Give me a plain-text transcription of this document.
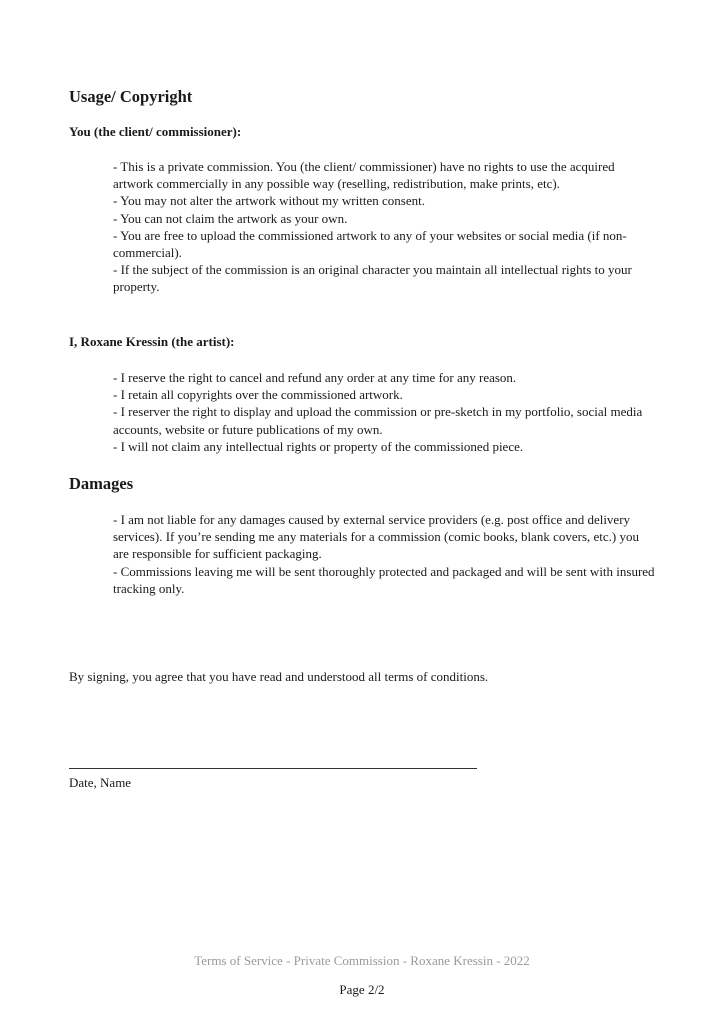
Usage/ Copyright
You (the client/ commissioner):

- This is a private commission. You (the client/ commissioner) have no rights to use the acquired artwork commercially in any possible way (reselling, redistribution, make prints, etc).

- You may not alter the artwork without my written consent.

- You can not claim the artwork as your own.

- You are free to upload the commissioned artwork to any of your websites or social media (if non-commercial).

- If the subject of the commission is an original character you maintain all intellectual rights to your property.

I, Roxane Kressin (the artist):

- I reserve the right to cancel and refund any order at any time for any reason.

- I retain all copyrights over the commissioned artwork.

- I reserver the right to display and upload the commission or pre-sketch in my portfolio, social media accounts, website or future publications of my own.

- I will not claim any intellectual rights or property of the commissioned piece.

Damages

- I am not liable for any damages caused by external service providers (e.g. post office and delivery services). If you’re sending me any materials for a commission (comic books, blank covers, etc.) you are responsible for sufficient packaging.

- Commissions leaving me will be sent thoroughly protected and packaged and will be sent with insured tracking only.

By signing, you agree that you have read and understood all terms of conditions.

Date, Name

Terms of Service - Private Commission - Roxane Kressin - 2022

Page 2/2
